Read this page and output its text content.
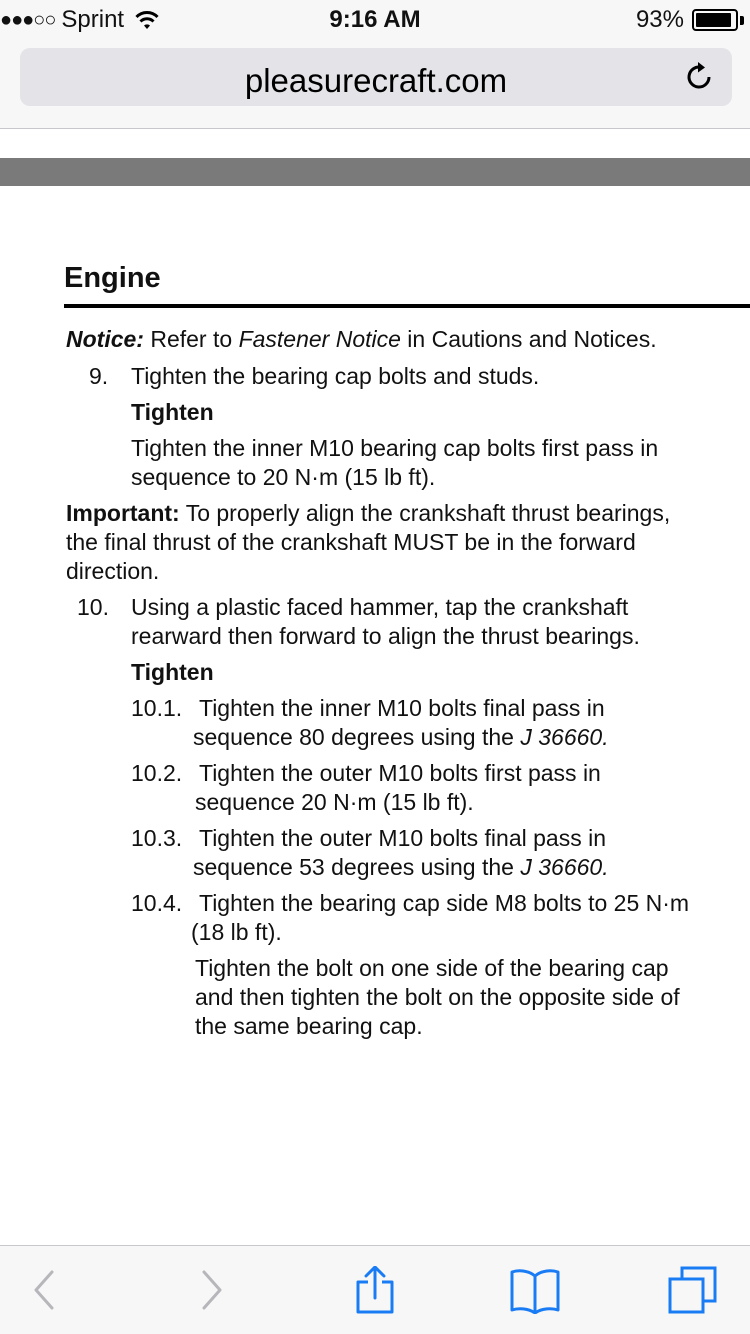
●●●○○ Sprint	9:16 AM	93%
pleasurecraft.com
Engine
Notice: Refer to Fastener Notice in Cautions and Notices.
9. Tighten the bearing cap bolts and studs.
Tighten
Tighten the inner M10 bearing cap bolts first pass in
sequence to 20 N·m (15 lb ft).
Important: To properly align the crankshaft thrust bearings,
the final thrust of the crankshaft MUST be in the forward
direction.
10. Using a plastic faced hammer, tap the crankshaft
rearward then forward to align the thrust bearings.
Tighten
10.1. Tighten the inner M10 bolts final pass in
sequence 80 degrees using the J 36660.
10.2. Tighten the outer M10 bolts first pass in
sequence 20 N·m (15 lb ft).
10.3. Tighten the outer M10 bolts final pass in
sequence 53 degrees using the J 36660.
10.4. Tighten the bearing cap side M8 bolts to 25 N·m
(18 lb ft).
Tighten the bolt on one side of the bearing cap
and then tighten the bolt on the opposite side of
the same bearing cap.
